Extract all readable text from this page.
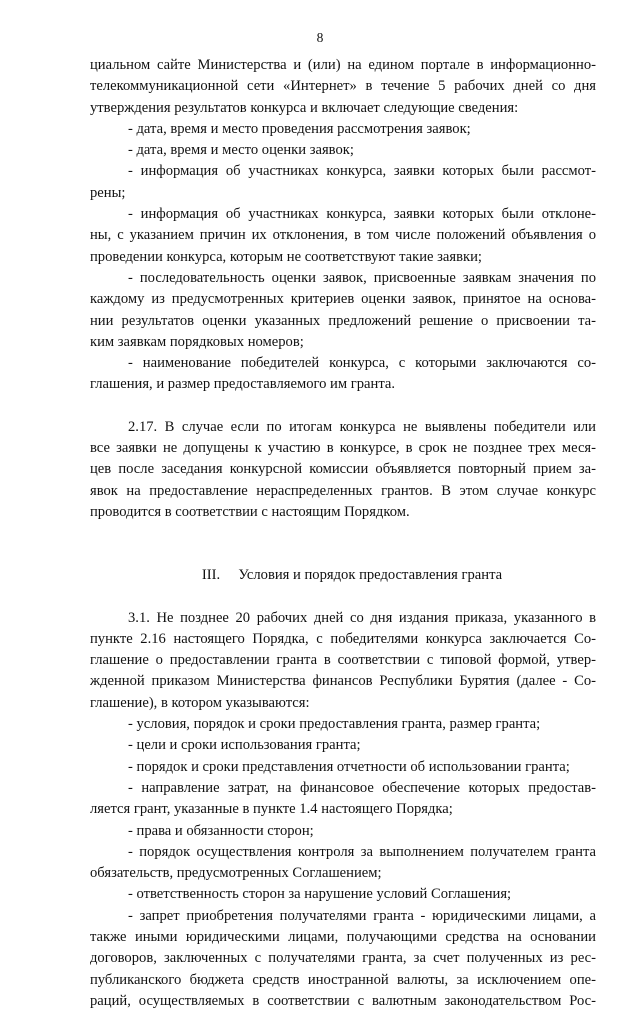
8

циальном сайте Министерства и (или) на едином портале в информационно-

телекоммуникационной сети «Интернет» в течение 5 рабочих дней со дня

утверждения результатов конкурса и включает следующие сведения:

- дата, время и место проведения рассмотрения заявок;

- дата, время и место оценки заявок;

- информация об участниках конкурса, заявки которых были рассмот-

рены;

- информация об участниках конкурса, заявки которых были отклоне-

ны, с указанием причин их отклонения, в том числе положений объявления о

проведении конкурса, которым не соответствуют такие заявки;

- последовательность оценки заявок, присвоенные заявкам значения по

каждому из предусмотренных критериев оценки заявок, принятое на основа-

нии результатов оценки указанных предложений решение о присвоении та-

ким заявкам порядковых номеров;

- наименование победителей конкурса, с которыми заключаются со-

глашения, и размер предоставляемого им гранта.

2.17. В случае если по итогам конкурса не выявлены победители или

все заявки не допущены к участию в конкурсе, в срок не позднее трех меся-

цев после заседания конкурсной комиссии объявляется повторный прием за-

явок на предоставление нераспределенных грантов. В этом случае конкурс

проводится в соответствии с настоящим Порядком.

III.     Условия и порядок предоставления гранта

3.1. Не позднее 20 рабочих дней со дня издания приказа, указанного в

пункте 2.16 настоящего Порядка, с победителями конкурса заключается Со-

глашение о предоставлении гранта в соответствии с типовой формой, утвер-

жденной приказом Министерства финансов Республики Бурятия (далее - Со-

глашение), в котором указываются:

- условия, порядок и сроки предоставления гранта, размер гранта;

- цели и сроки использования гранта;

- порядок и сроки представления отчетности об использовании гранта;

- направление затрат, на финансовое обеспечение которых предостав-

ляется грант, указанные в пункте 1.4 настоящего Порядка;

- права и обязанности сторон;

- порядок осуществления контроля за выполнением получателем гранта

обязательств, предусмотренных Соглашением;

- ответственность сторон за нарушение условий Соглашения;

- запрет приобретения получателями гранта - юридическими лицами, а

также иными юридическими лицами, получающими средства на основании

договоров, заключенных с получателями гранта, за счет полученных из рес-

публиканского бюджета средств иностранной валюты, за исключением опе-

раций, осуществляемых в соответствии с валютным законодательством Рос-
